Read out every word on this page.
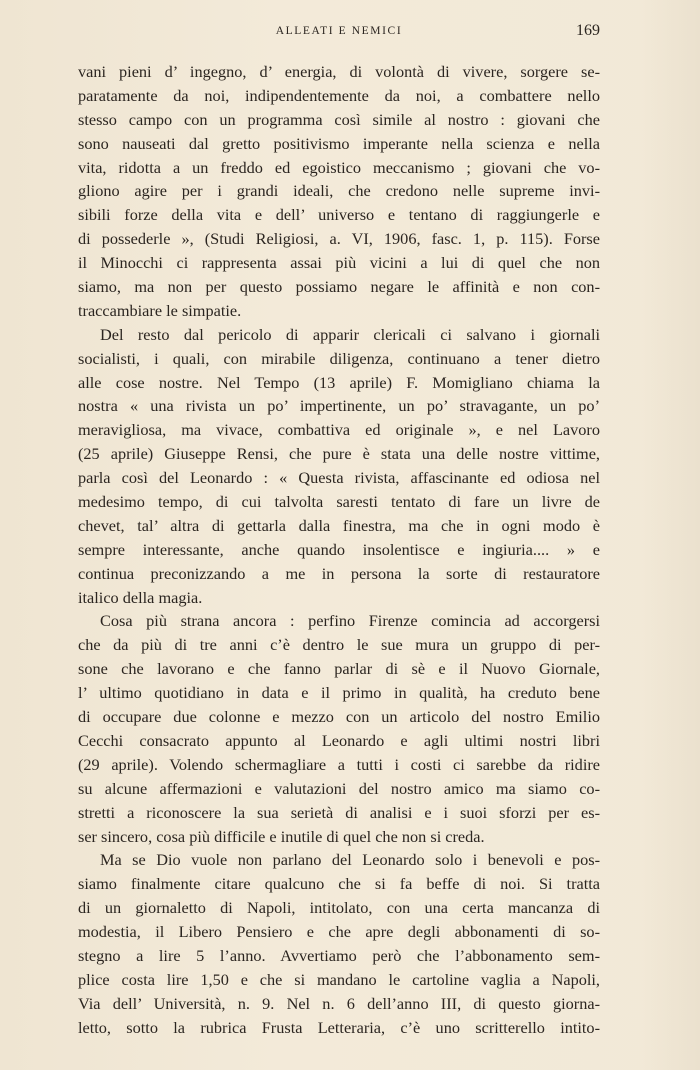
ALLEATI E NEMICI	169
vani pieni d’ ingegno, d’ energia, di volontà di vivere, sorgere se-
paratamente da noi, indipendentemente da noi, a combattere nello
stesso campo con un programma così simile al nostro : giovani che
sono nauseati dal gretto positivismo imperante nella scienza e nella
vita, ridotta a un freddo ed egoistico meccanismo ; giovani che vo-
gliono agire per i grandi ideali, che credono nelle supreme invi-
sibili forze della vita e dell’ universo e tentano di raggiungerle e
di possederle », (Studi Religiosi, a. VI, 1906, fasc. 1, p. 115). Forse
il Minocchi ci rappresenta assai più vicini a lui di quel che non
siamo, ma non per questo possiamo negare le affinità e non con-
traccambiare le simpatie.
Del resto dal pericolo di apparir clericali ci salvano i giornali
socialisti, i quali, con mirabile diligenza, continuano a tener dietro
alle cose nostre. Nel Tempo (13 aprile) F. Momigliano chiama la
nostra « una rivista un po’ impertinente, un po’ stravagante, un po’
meravigliosa, ma vivace, combattiva ed originale », e nel Lavoro
(25 aprile) Giuseppe Rensi, che pure è stata una delle nostre vittime,
parla così del Leonardo : « Questa rivista, affascinante ed odiosa nel
medesimo tempo, di cui talvolta saresti tentato di fare un livre de
chevet, tal’ altra di gettarla dalla finestra, ma che in ogni modo è
sempre interessante, anche quando insolentisce e ingiuria.... » e
continua preconizzando a me in persona la sorte di restauratore
italico della magia.
Cosa più strana ancora : perfino Firenze comincia ad accorgersi
che da più di tre anni c’è dentro le sue mura un gruppo di per-
sone che lavorano e che fanno parlar di sè e il Nuovo Giornale,
l’ ultimo quotidiano in data e il primo in qualità, ha creduto bene
di occupare due colonne e mezzo con un articolo del nostro Emilio
Cecchi consacrato appunto al Leonardo e agli ultimi nostri libri
(29 aprile). Volendo schermagliare a tutti i costi ci sarebbe da ridire
su alcune affermazioni e valutazioni del nostro amico ma siamo co-
stretti a riconoscere la sua serietà di analisi e i suoi sforzi per es-
ser sincero, cosa più difficile e inutile di quel che non si creda.
Ma se Dio vuole non parlano del Leonardo solo i benevoli e pos-
siamo finalmente citare qualcuno che si fa beffe di noi. Si tratta
di un giornaletto di Napoli, intitolato, con una certa mancanza di
modestia, il Libero Pensiero e che apre degli abbonamenti di so-
stegno a lire 5 l’anno. Avvertiamo però che l’abbonamento sem-
plice costa lire 1,50 e che si mandano le cartoline vaglia a Napoli,
Via dell’ Università, n. 9. Nel n. 6 dell’anno III, di questo giorna-
letto, sotto la rubrica Frusta Letteraria, c’è uno scritterello intito-
